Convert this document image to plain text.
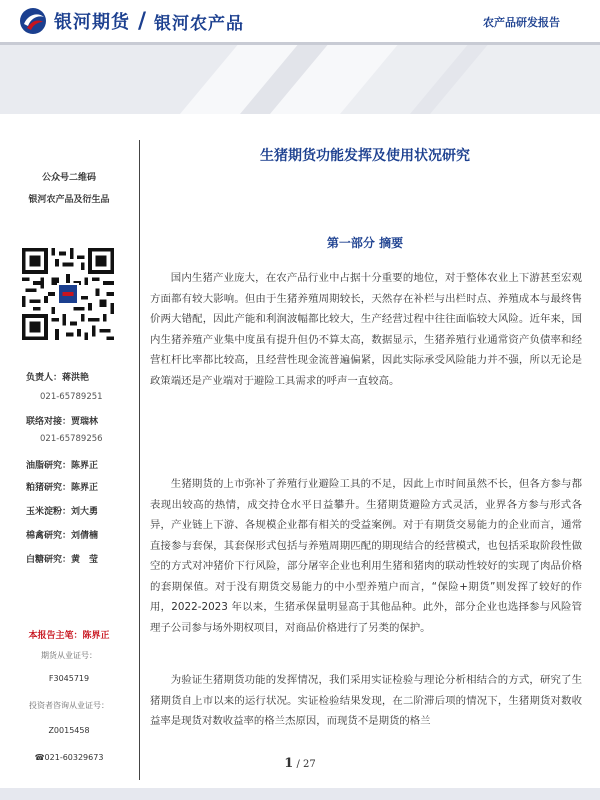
银河期货 / 银河农产品	农产品研发报告
公众号二维码
银河农产品及衍生品
负责人：蒋洪艳
021-65789251
联络对接：贾瑞林
021-65789256
油脂研究：陈界正
粕猪研究：陈界正
玉米淀粉：刘大勇
棉禽研究：刘倩楠
白糖研究：黄　莹
本报告主笔：陈界正
期货从业证号：
F3045719
投资者咨询从业证号：
Z0015458
☎021-60329673
生猪期货功能发挥及使用状况研究
第一部分 摘要

国内生猪产业庞大，在农产品行业中占据十分重要的地位，对于整体农业上下游甚至宏观方面都有较大影响。但由于生猪养殖周期较长，天然存在补栏与出栏时点、养殖成本与最终售价两大错配，因此产能和利润波幅都比较大，生产经营过程中往往面临较大风险。近年来，国内生猪养殖产业集中度虽有提升但仍不算太高，数据显示，生猪养殖行业通常资产负债率和经营杠杆比率都比较高，且经营性现金流普遍偏紧，因此实际承受风险能力并不强，所以无论是政策端还是产业端对于避险工具需求的呼声一直较高。

生猪期货的上市弥补了养殖行业避险工具的不足，因此上市时间虽然不长，但各方参与都表现出较高的热情，成交持仓水平日益攀升。生猪期货避险方式灵活，业界各方参与形式各异，产业链上下游、各规模企业都有相关的受益案例。对于有期货交易能力的企业而言，通常直接参与套保，其套保形式包括与养殖周期匹配的期现结合的经营模式，也包括采取阶段性做空的方式对冲猪价下行风险，部分屠宰企业也利用生猪和猪肉的联动性较好的实现了肉品价格的套期保值。对于没有期货交易能力的中小型养殖户而言，“保险+期货”则发挥了较好的作用，2022-2023 年以来，生猪承保量明显高于其他品种。此外，部分企业也选择参与风险管理子公司参与场外期权项目，对商品价格进行了另类的保护。

为验证生猪期货功能的发挥情况，我们采用实证检验与理论分析相结合的方式，研究了生猪期货自上市以来的运行状况。实证检验结果发现，在二阶滞后项的情况下，生猪期货对数收益率是现货对数收益率的格兰杰原因，而现货不是期货的格兰

1 / 27
